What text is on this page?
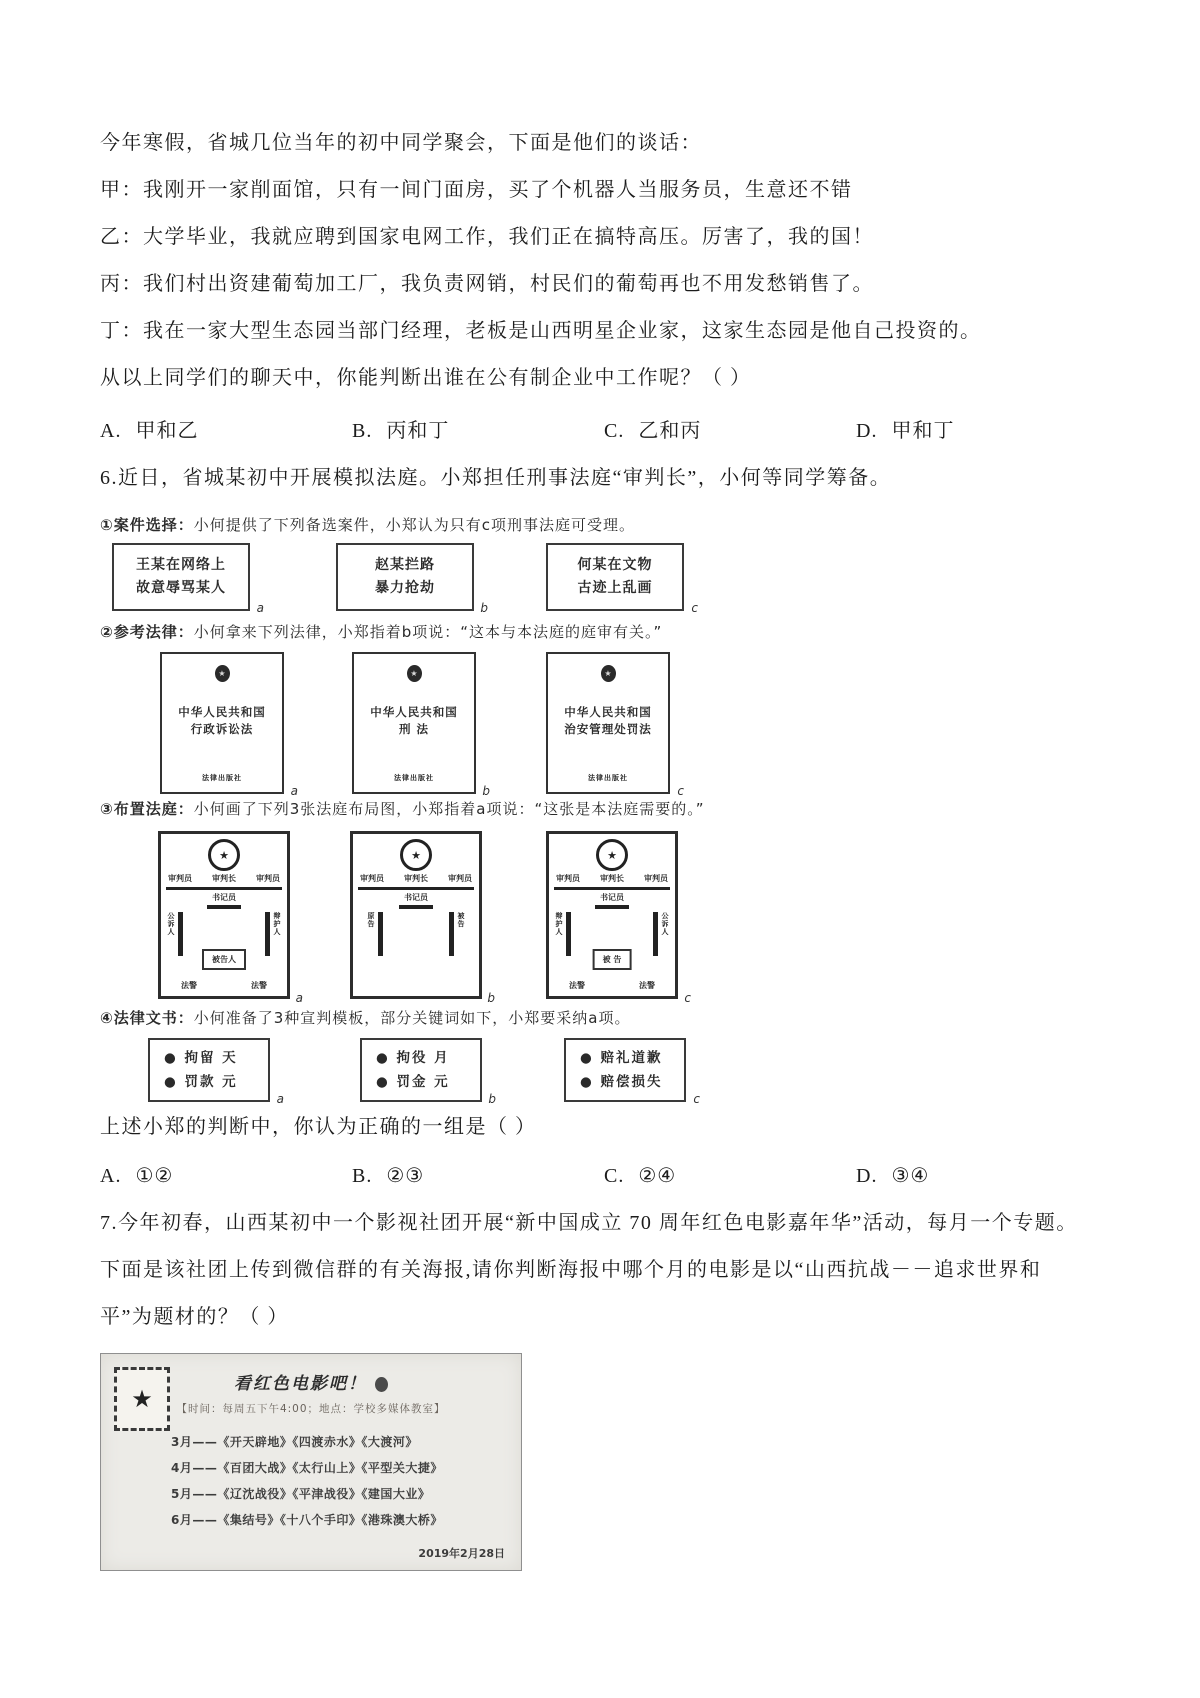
今年寒假，省城几位当年的初中同学聚会，下面是他们的谈话：

甲：我刚开一家削面馆，只有一间门面房，买了个机器人当服务员，生意还不错

乙：大学毕业，我就应聘到国家电网工作，我们正在搞特高压。厉害了，我的国！

丙：我们村出资建葡萄加工厂，我负责网销，村民们的葡萄再也不用发愁销售了。

丁：我在一家大型生态园当部门经理，老板是山西明星企业家，这家生态园是他自己投资的。

从以上同学们的聊天中，你能判断出谁在公有制企业中工作呢？（ ）

A. 甲和乙	B. 丙和丁	C. 乙和丙	D. 甲和丁

6.近日，省城某初中开展模拟法庭。小郑担任刑事法庭“审判长”，小何等同学筹备。

①案件选择：小何提供了下列备选案件，小郑认为只有c项刑事法庭可受理。

王某在网络上
故意辱骂某人
a
赵某拦路
暴力抢劫
b
何某在文物
古迹上乱画
c

②参考法律：小何拿来下列法律，小郑指着b项说：“这本与本法庭的庭审有关。”

★
中华人民共和国
行政诉讼法
法律出版社
a
★
中华人民共和国
刑 法
法律出版社
b
★
中华人民共和国
治安管理处罚法
法律出版社
c

③布置法庭：小何画了下列3张法庭布局图，小郑指着a项说：“这张是本法庭需要的。”

★
审判员	审判长	审判员
书记员
公诉人	辩护人
被告人
法警	法警
a
★
审判员	审判长	审判员
书记员
原告	被告
b
★
审判员	审判长	审判员
书记员
辩护人	公诉人
被 告
法警	法警
c

④法律文书：小何准备了3种宣判模板，部分关键词如下，小郑要采纳a项。

● 拘留 天
● 罚款 元
a
● 拘役 月
● 罚金 元
b
● 赔礼道歉
● 赔偿损失
c

上述小郑的判断中，你认为正确的一组是（ ）

A. ①②	B. ②③	C. ②④	D. ③④

7.今年初春，山西某初中一个影视社团开展“新中国成立 70 周年红色电影嘉年华”活动，每月一个专题。

下面是该社团上传到微信群的有关海报,请你判断海报中哪个月的电影是以“山西抗战－－追求世界和

平”为题材的？（ ）

★
看红色电影吧！
【时间：每周五下午4:00；地点：学校多媒体教室】
3月——《开天辟地》《四渡赤水》《大渡河》
4月——《百团大战》《太行山上》《平型关大捷》
5月——《辽沈战役》《平津战役》《建国大业》
6月——《集结号》《十八个手印》《港珠澳大桥》
2019年2月28日
